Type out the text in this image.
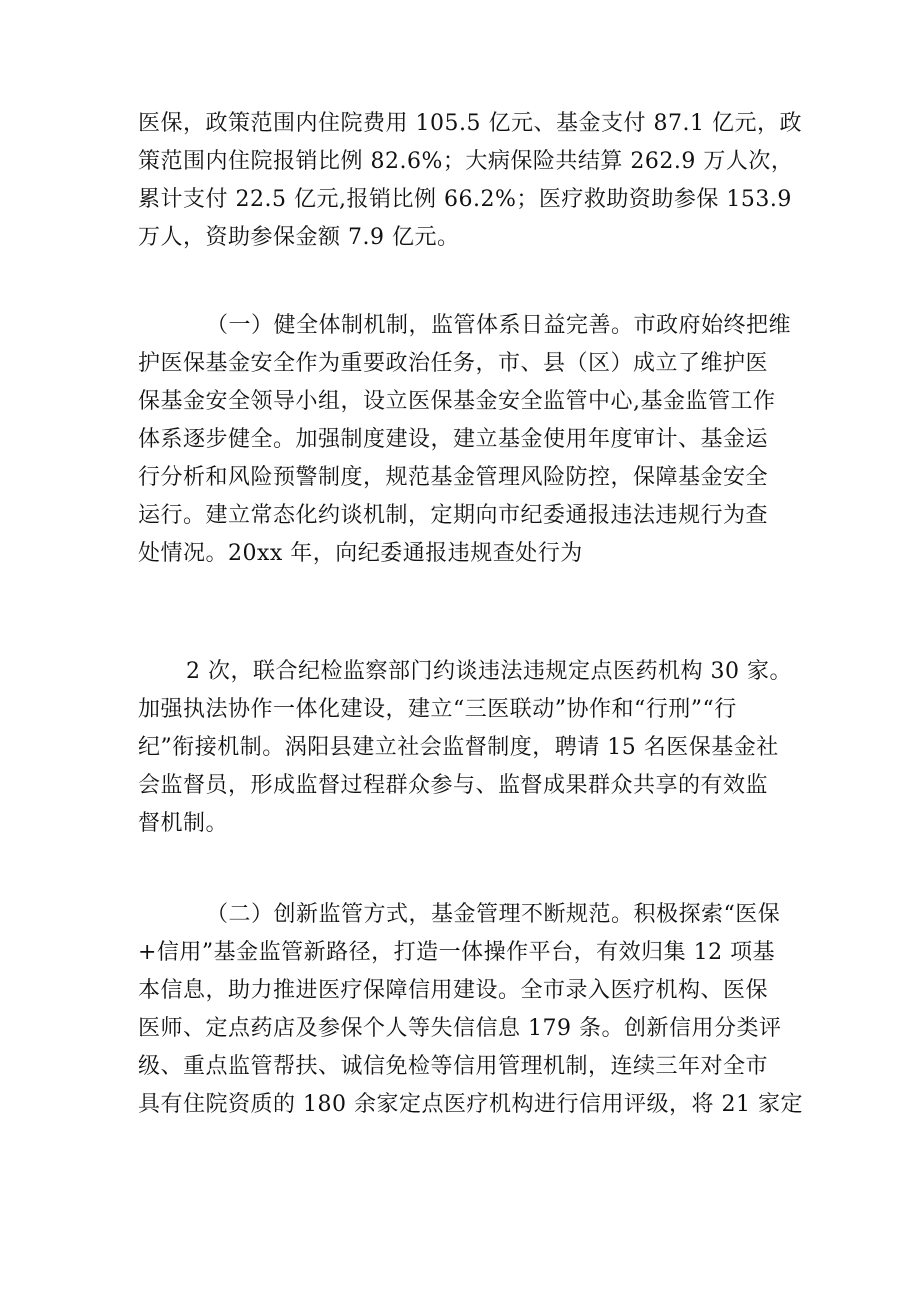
医保，政策范围内住院费用 105.5 亿元、基金支付 87.1 亿元，政
策范围内住院报销比例 82.6%；大病保险共结算 262.9 万人次，
累计支付 22.5 亿元,报销比例 66.2%；医疗救助资助参保 153.9
万人，资助参保金额 7.9 亿元。
（一）健全体制机制，监管体系日益完善。市政府始终把维
护医保基金安全作为重要政治任务，市、县（区）成立了维护医
保基金安全领导小组，设立医保基金安全监管中心,基金监管工作
体系逐步健全。加强制度建设，建立基金使用年度审计、基金运
行分析和风险预警制度，规范基金管理风险防控，保障基金安全
运行。建立常态化约谈机制，定期向市纪委通报违法违规行为查
处情况。20xx 年，向纪委通报违规查处行为
2 次，联合纪检监察部门约谈违法违规定点医药机构 30 家。
加强执法协作一体化建设，建立“三医联动”协作和“行刑”“行
纪”衔接机制。涡阳县建立社会监督制度，聘请 15 名医保基金社
会监督员，形成监督过程群众参与、监督成果群众共享的有效监
督机制。
（二）创新监管方式，基金管理不断规范。积极探索“医保
+信用”基金监管新路径，打造一体操作平台，有效归集 12 项基
本信息，助力推进医疗保障信用建设。全市录入医疗机构、医保
医师、定点药店及参保个人等失信信息 179 条。创新信用分类评
级、重点监管帮扶、诚信免检等信用管理机制，连续三年对全市
具有住院资质的 180 余家定点医疗机构进行信用评级，将 21 家定
